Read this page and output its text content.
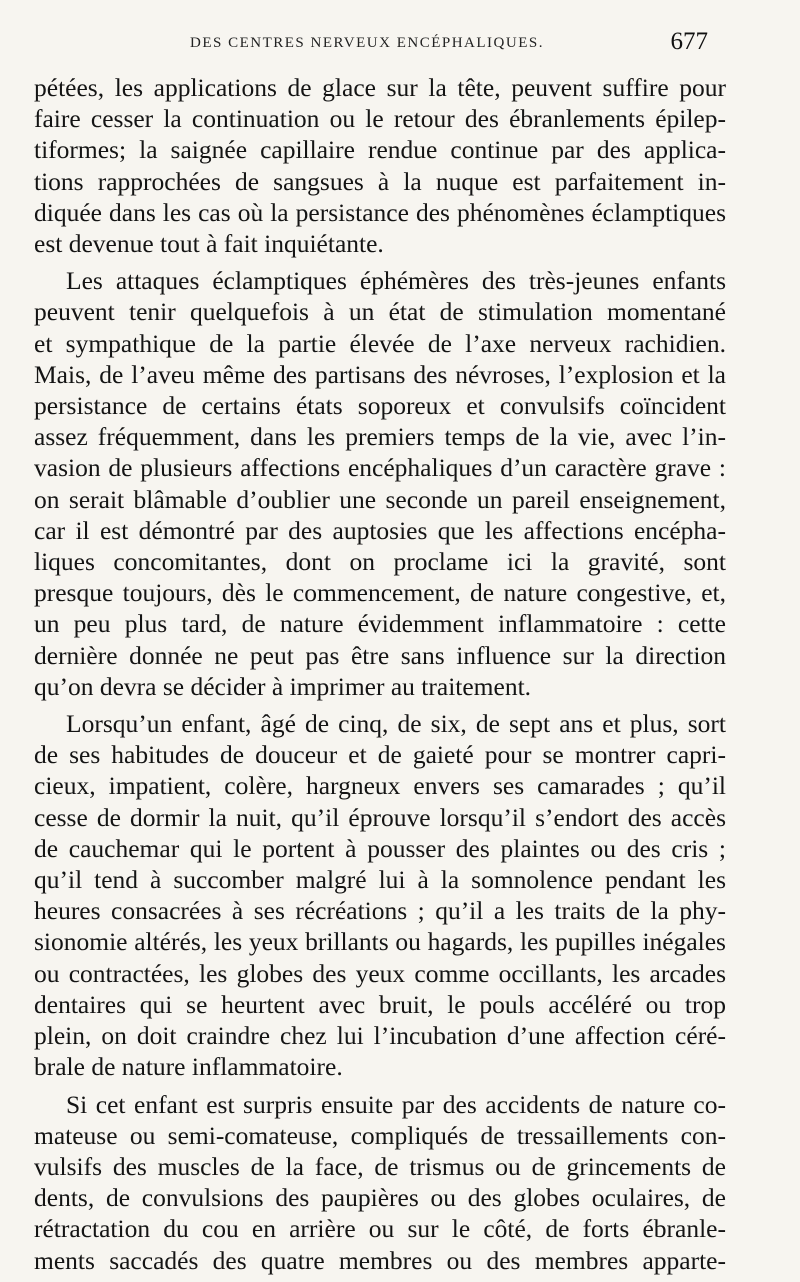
DES CENTRES NERVEUX ENCÉPHALIQUES.	677
pétées, les applications de glace sur la tête, peuvent suffire pour
faire cesser la continuation ou le retour des ébranlements épilep-
tiformes; la saignée capillaire rendue continue par des applica-
tions rapprochées de sangsues à la nuque est parfaitement in-
diquée dans les cas où la persistance des phénomènes éclamptiques
est devenue tout à fait inquiétante.
Les attaques éclamptiques éphémères des très-jeunes enfants
peuvent tenir quelquefois à un état de stimulation momentané
et sympathique de la partie élevée de l’axe nerveux rachidien.
Mais, de l’aveu même des partisans des névroses, l’explosion et la
persistance de certains états soporeux et convulsifs coïncident
assez fréquemment, dans les premiers temps de la vie, avec l’in-
vasion de plusieurs affections encéphaliques d’un caractère grave :
on serait blâmable d’oublier une seconde un pareil enseignement,
car il est démontré par des auptosies que les affections encépha-
liques concomitantes, dont on proclame ici la gravité, sont
presque toujours, dès le commencement, de nature congestive, et,
un peu plus tard, de nature évidemment inflammatoire : cette
dernière donnée ne peut pas être sans influence sur la direction
qu’on devra se décider à imprimer au traitement.
Lorsqu’un enfant, âgé de cinq, de six, de sept ans et plus, sort
de ses habitudes de douceur et de gaieté pour se montrer capri-
cieux, impatient, colère, hargneux envers ses camarades ; qu’il
cesse de dormir la nuit, qu’il éprouve lorsqu’il s’endort des accès
de cauchemar qui le portent à pousser des plaintes ou des cris ;
qu’il tend à succomber malgré lui à la somnolence pendant les
heures consacrées à ses récréations ; qu’il a les traits de la phy-
sionomie altérés, les yeux brillants ou hagards, les pupilles inégales
ou contractées, les globes des yeux comme occillants, les arcades
dentaires qui se heurtent avec bruit, le pouls accéléré ou trop
plein, on doit craindre chez lui l’incubation d’une affection céré-
brale de nature inflammatoire.
Si cet enfant est surpris ensuite par des accidents de nature co-
mateuse ou semi-comateuse, compliqués de tressaillements con-
vulsifs des muscles de la face, de trismus ou de grincements de
dents, de convulsions des paupières ou des globes oculaires, de
rétractation du cou en arrière ou sur le côté, de forts ébranle-
ments saccadés des quatre membres ou des membres apparte-
